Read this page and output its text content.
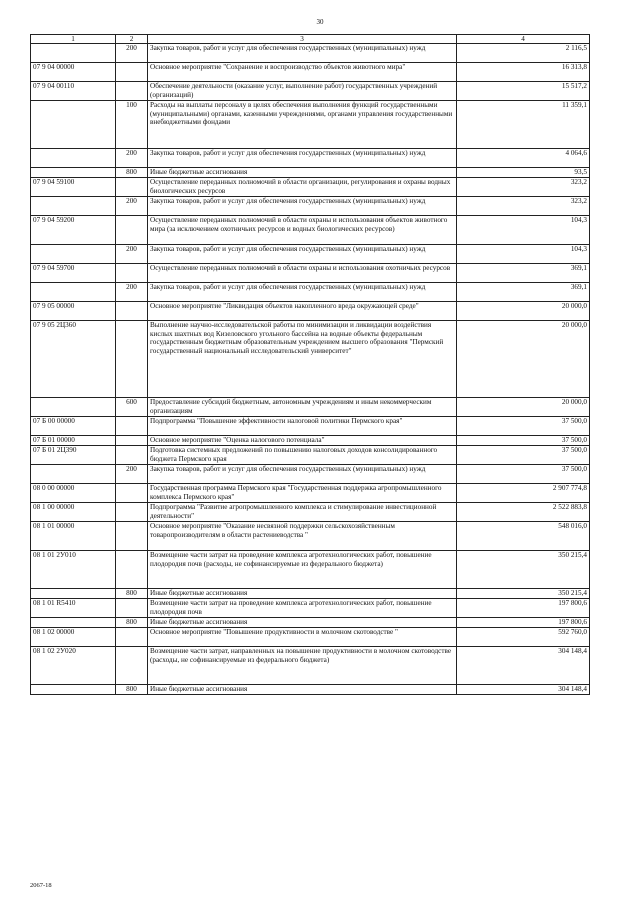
30
1	2	3	4
	200	Закупка товаров, работ и услуг для обеспечения государственных (муниципальных) нужд	2 116,5
07 9 04 00000		Основное мероприятие "Сохранение и воспроизводство объектов животного мира"	16 313,8
07 9 04 00110		Обеспечение деятельности (оказание услуг, выполнение работ) государственных учреждений (организаций)	15 517,2
	100	Расходы на выплаты персоналу в целях обеспечения выполнения функций государственными (муниципальными) органами, казенными учреждениями, органами управления государственными внебюджетными фондами	11 359,1
	200	Закупка товаров, работ и услуг для обеспечения государственных (муниципальных) нужд	4 064,6
	800	Иные бюджетные ассигнования	93,5
07 9 04 59100		Осуществление переданных полномочий в области организации, регулирования и охраны водных биологических ресурсов	323,2
	200	Закупка товаров, работ и услуг для обеспечения государственных (муниципальных) нужд	323,2
07 9 04 59200		Осуществление переданных полномочий в области охраны и использования объектов животного мира (за исключением охотничьих ресурсов и водных биологических ресурсов)	104,3
	200	Закупка товаров, работ и услуг для обеспечения государственных (муниципальных) нужд	104,3
07 9 04 59700		Осуществление переданных полномочий в области охраны и использования охотничьих ресурсов	369,1
	200	Закупка товаров, работ и услуг для обеспечения государственных (муниципальных) нужд	369,1
07 9 05 00000		Основное мероприятие "Ликвидация объектов накопленного вреда окружающей среде"	20 000,0
07 9 05 2Ц360		Выполнение научно-исследовательской работы по минимизации и ликвидации воздействия кислых шахтных вод Кизеловского угольного бассейна на водные объекты федеральным государственным бюджетным образовательным учреждением высшего образования "Пермский государственный национальный исследовательский университет"	20 000,0
	600	Предоставление субсидий бюджетным, автономным учреждениям и иным некоммерческим организациям	20 000,0
07 Б 00 00000		Подпрограмма "Повышение эффективности налоговой политики Пермского края"	37 500,0
07 Б 01 00000		Основное мероприятие "Оценка налогового потенциала"	37 500,0
07 Б 01 2Ц390		Подготовка системных предложений по повышению налоговых доходов консолидированного бюджета Пермского края	37 500,0
	200	Закупка товаров, работ и услуг для обеспечения государственных (муниципальных) нужд	37 500,0
08 0 00 00000		Государственная программа Пермского края "Государственная поддержка агропромышленного комплекса Пермского края"	2 907 774,8
08 1 00 00000		Подпрограмма "Развитие агропромышленного комплекса и стимулирование инвестиционной деятельности"	2 522 883,8
08 1 01 00000		Основное мероприятие "Оказание несвязной поддержки сельскохозяйственным товаропроизводителям в области растениеводства "	548 016,0
08 1 01 2У010		Возмещение части затрат на проведение комплекса агротехнологических работ, повышение плодородия почв (расходы, не софинансируемые из федерального бюджета)	350 215,4
	800	Иные бюджетные ассигнования	350 215,4
08 1 01 R5410		Возмещение части затрат на проведение комплекса агротехнологических работ, повышение плодородия почв	197 800,6
	800	Иные бюджетные ассигнования	197 800,6
08 1 02 00000		Основное мероприятие "Повышение продуктивности в молочном скотоводстве "	592 760,0
08 1 02 2У020		Возмещение части затрат, направленных на повышение продуктивности в молочном скотоводстве (расходы, не софинансируемые из федерального бюджета)	304 148,4
	800	Иные бюджетные ассигнования	304 148,4
2067-18
